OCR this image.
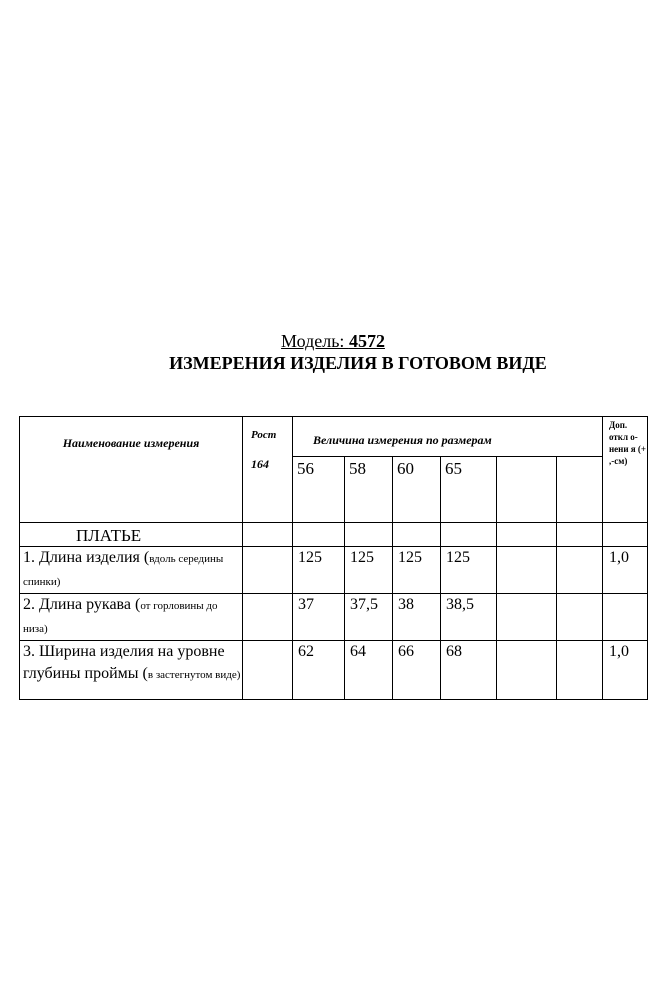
Модель: 4572
ИЗМЕРЕНИЯ ИЗДЕЛИЯ В ГОТОВОМ ВИДЕ
Наименование измерения	Рост
164	Величина измерения по размерам						Доп. откл о- нени я (+ ,-см)
		56	58	60	65			
ПЛАТЬЕ								
1. Длина изделия (вдоль середины спинки)		125	125	125	125			1,0
2. Длина рукава (от горловины до низа)		37	37,5	38	38,5			
3. Ширина изделия на уровне глубины проймы (в застегнутом виде)		62	64	66	68			1,0
